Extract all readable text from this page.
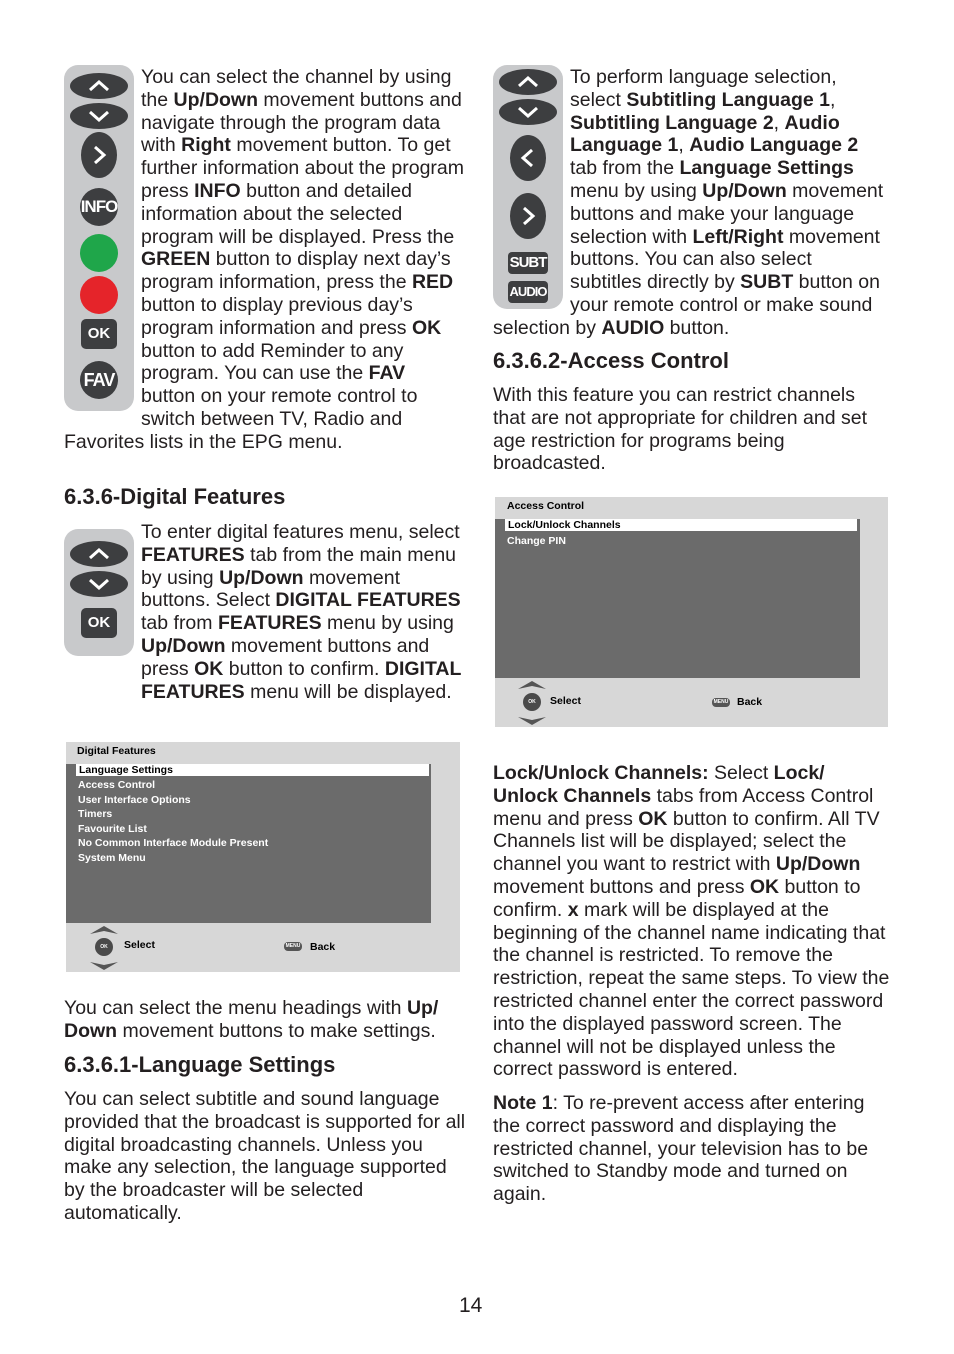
INFO
OK
FAV

You can select the channel by using the Up/Down movement buttons and navigate through the program data with Right movement button. To get further information about the program press INFO button and detailed information about the selected program will be displayed. Press the GREEN button to display next day’s program information, press the RED button to display previous day’s program information and press OK button to add Reminder to any program. You can use the FAV button on your remote control to switch between TV, Radio and Favorites lists in the EPG menu.

6.3.6-Digital Features
OK

To enter digital features menu, select FEATURES tab from the main menu by using Up/Down movement buttons. Select DIGITAL FEATURES tab from FEATURES menu by using Up/Down movement buttons and press OK button to confirm. DIGITAL FEATURES menu will be displayed.

Digital Features
Language Settings
Access Control
User Interface Options
Timers
Favourite List
No Common Interface Module Present
System Menu
OK	Select	MENU Back

You can select the menu headings with Up/ Down movement buttons to make settings.

6.3.6.1-Language Settings

You can select subtitle and sound language provided that the broadcast is supported for all digital broadcasting channels. Unless you make any selection, the language supported by the broadcaster will be selected automatically.

SUBT
AUDIO

To perform language selection, select Subtitling Language 1, Subtitling Language 2, Audio Language 1, Audio Language 2 tab from the Language Settings menu by using Up/Down movement buttons and make your language selection with Left/Right movement buttons. You can also select subtitles directly by SUBT button on your remote control or make sound selection by AUDIO button.

6.3.6.2-Access Control

With this feature you can restrict channels that are not appropriate for children and set age restriction for programs being broadcasted.

Access Control
Lock/Unlock Channels
Change PIN
OK	Select	MENU Back

Lock/Unlock Channels: Select Lock/ Unlock Channels tabs from Access Control menu and press OK button to confirm. All TV Channels list will be displayed; select the channel you want to restrict with Up/Down movement buttons and press OK button to confirm. x mark will be displayed at the beginning of the channel name indicating that the channel is restricted. To remove the restriction, repeat the same steps. To view the restricted channel enter the correct password into the displayed password screen. The channel will not be displayed unless the correct password is entered.

Note 1: To re-prevent access after entering the correct password and displaying the restricted channel, your television has to be switched to Standby mode and turned on again.

14
